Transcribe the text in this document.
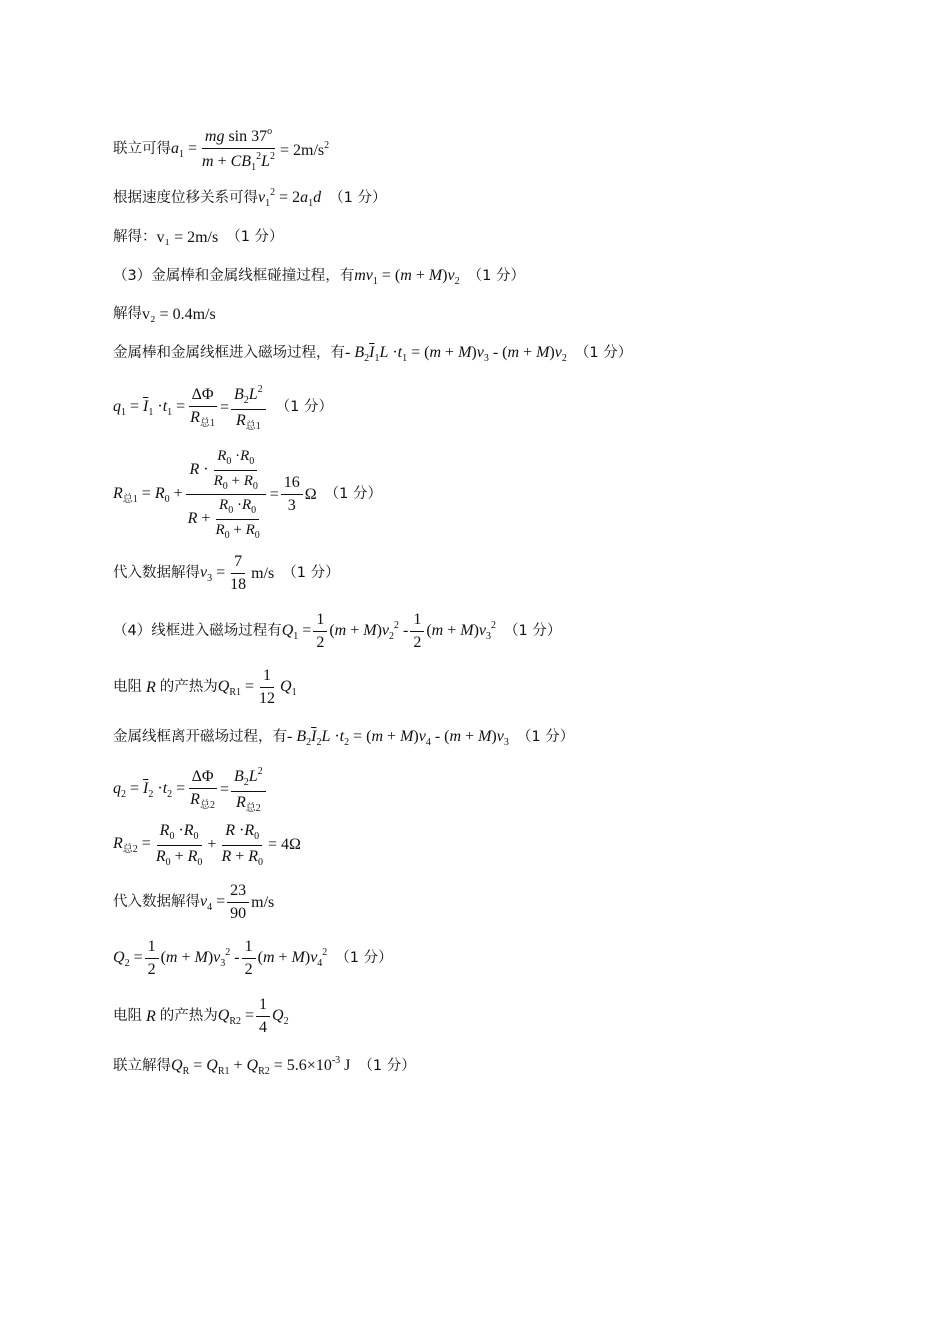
联立可得 $a_1 = \frac{mg \sin 37^o}{m + CB_1^2L^2} = 2m/s^2$
根据速度位移关系可得 $v_1^2 = 2a_1d$ （1 分）
解得： v₁ = 2m/s （1 分）
（3）金属棒和金属线框碰撞过程，有 $mv_1 = (m + M)v_2$ （1 分）
解得 v₂ = 0.4m/s
金属棒和金属线框进入磁场过程，有 - $B_2\overline{I}_1L \cdot t_1 = (m + M)v_3 - (m + M)v_2$ （1 分）
$q_1 = \overline{I}_1 \cdot t_1 = \frac{\Delta\Phi}{R_{总1}} = \frac{B_2L^2}{R_{总1}} (1$ 分）
$R_{总1} = R_0 + \frac{R \cdot \frac{R_0 \cdot R_0}{R_0 + R_0}}{R + \frac{R_0 \cdot R_0}{R_0 + R_0}} = \frac{16}{3}$ Ω （1 分）
代入数据解得 $v_3 = \frac{7}{18} m/s$ （1 分）
（4）线框进入磁场过程有 $Q_1 = \frac{1}{2} (m + M)v_2^2 - \frac{1}{2} (m + M)v_3^2$ （1 分）
电阻 R 的产热为 $Q_{R1} = \frac{1}{12} Q_1$
金属线框离开磁场过程，有 - $B_2\overline{I}_2L \cdot t_2 = (m + M)v_4 - (m + M)v_3$ （1 分）
$q_2 = \overline{I}_2 \cdot t_2 = \frac{\Delta\Phi}{R_{总2}} = \frac{B_2L^2}{R_{总2}}$
$R_{总2} = \frac{R_0 \cdot R_0}{R_0 + R_0} + \frac{R \cdot R_0}{R + R_0} = 4\Omega$
代入数据解得 $v_4 = \frac{23}{90} m/s$
$Q_2 = \frac{1}{2} (m + M)v_3^2 - \frac{1}{2} (m + M)v_4^2$ （1 分）
电阻 R 的产热为 $Q_{R2} = \frac{1}{4} Q_2$
联立解得 $Q_R = Q_{R1} + Q_{R2} = 5.6\times 10^{-3}$ J （1 分）
